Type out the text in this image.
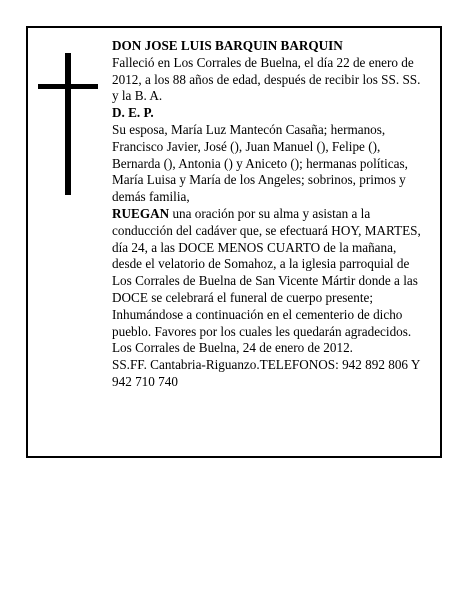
DON JOSE LUIS BARQUIN BARQUIN

Falleció en Los Corrales de Buelna, el día 22 de enero de 2012, a los 88 años de edad, después de recibir los SS. SS. y la B. A.

D. E. P.

Su esposa, María Luz Mantecón Casaña; hermanos, Francisco Javier, José (), Juan Manuel (), Felipe (), Bernarda (), Antonia () y Aniceto (); hermanas políticas, María Luisa y María de los Angeles; sobrinos, primos y demás familia,

RUEGAN una oración por su alma y asistan a la conducción del cadáver que, se efectuará HOY, MARTES, día 24, a las DOCE MENOS CUARTO de la mañana, desde el velatorio de Somahoz, a la iglesia parroquial de Los Corrales de Buelna de San Vicente Mártir donde a las DOCE se celebrará el funeral de cuerpo presente; Inhumándose a continuación en el cementerio de dicho pueblo. Favores por los cuales les quedarán agradecidos.

Los Corrales de Buelna, 24 de enero de 2012.

SS.FF. Cantabria-Riguanzo.TELEFONOS: 942 892 806 Y 942 710 740
